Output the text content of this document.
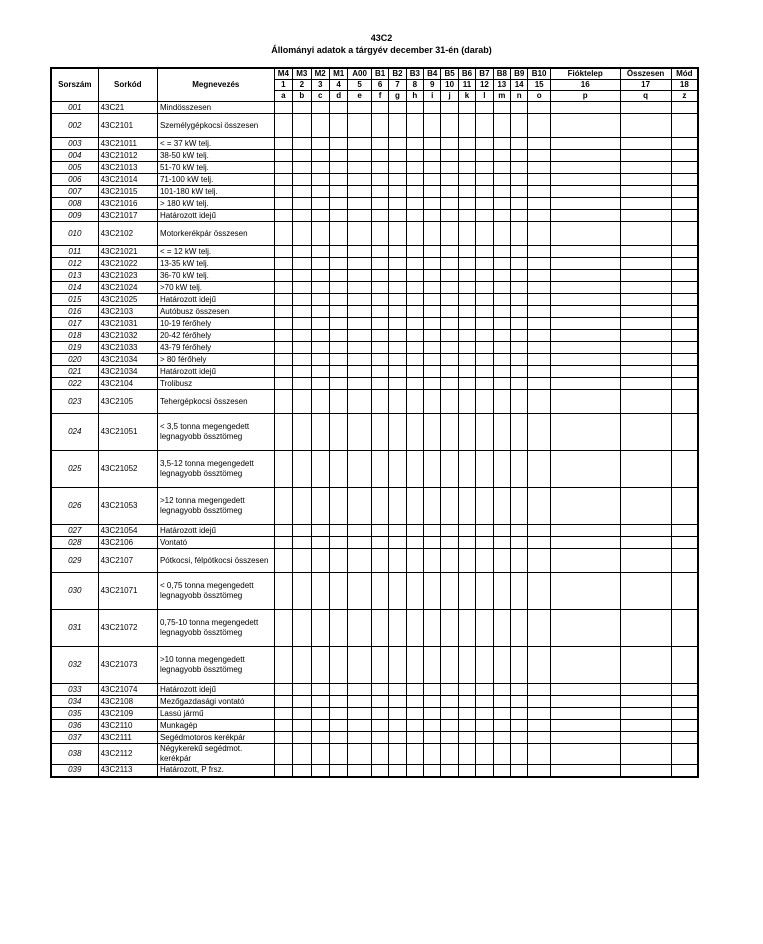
43C2
Állományi adatok a tárgyév december 31-én (darab)
Sorszám	Sorkód	Megnevezés	M4	M3	M2	M1	A00	B1	B2	B3	B4	B5	B6	B7	B8	B9	B10	Fióktelep	Összesen	Mód
			1	2	3	4	5	6	7	8	9	10	11	12	13	14	15	16	17	18
			a	b	c	d	e	f	g	h	i	j	k	l	m	n	o	p	q	z
001	43C21	Mindösszesen																		
002	43C2101	Személygépkocsi összesen																		
003	43C21011	< = 37 kW telj.																		
004	43C21012	38-50 kW telj.																		
005	43C21013	51-70 kW telj.																		
006	43C21014	71-100 kW telj.																		
007	43C21015	101-180 kW telj.																		
008	43C21016	> 180 kW telj.																		
009	43C21017	Határozott idejű																		
010	43C2102	Motorkerékpár összesen																		
011	43C21021	< = 12 kW telj.																		
012	43C21022	13-35 kW telj.																		
013	43C21023	36-70 kW telj.																		
014	43C21024	>70 kW telj.																		
015	43C21025	Határozott idejű																		
016	43C2103	Autóbusz összesen																		
017	43C21031	10-19 férőhely																		
018	43C21032	20-42 férőhely																		
019	43C21033	43-79 férőhely																		
020	43C21034	> 80 férőhely																		
021	43C21034	Határozott idejű																		
022	43C2104	Trolibusz																		
023	43C2105	Tehergépkocsi összesen																		
024	43C21051	< 3,5 tonna megengedett legnagyobb össztömeg																		
025	43C21052	3,5-12 tonna megengedett legnagyobb össztömeg																		
026	43C21053	>12 tonna megengedett legnagyobb össztömeg																		
027	43C21054	Határozott idejű																		
028	43C2106	Vontató																		
029	43C2107	Pótkocsi, félpótkocsi összesen																		
030	43C21071	< 0,75 tonna megengedett legnagyobb össztömeg																		
031	43C21072	0,75-10 tonna megengedett legnagyobb össztömeg																		
032	43C21073	>10 tonna megengedett legnagyobb össztömeg																		
033	43C21074	Határozott idejű																		
034	43C2108	Mezőgazdasági vontató																		
035	43C2109	Lassú jármű																		
036	43C2110	Munkagép																		
037	43C2111	Segédmotoros kerékpár																		
038	43C2112	Négykerekű segédmot. kerékpár																		
039	43C2113	Határozott, P frsz.																		
